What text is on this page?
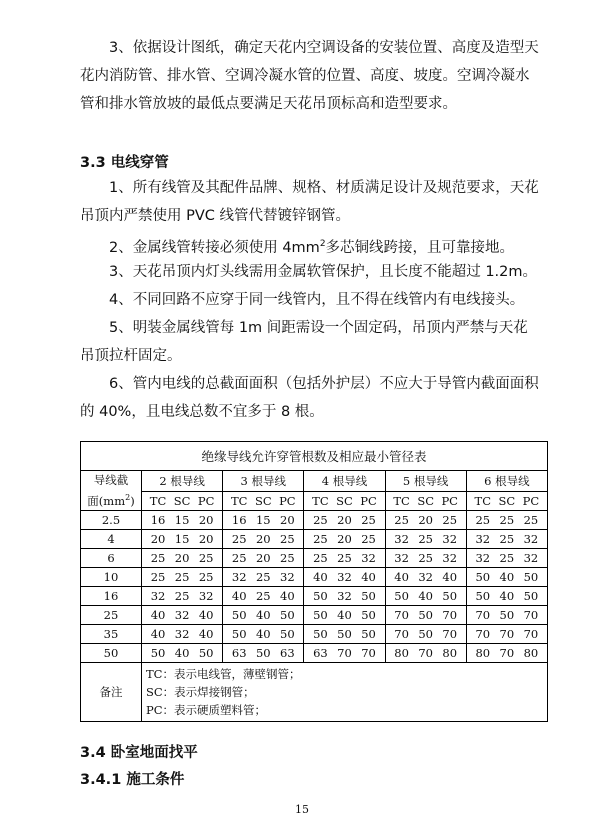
3、依据设计图纸，确定天花内空调设备的安装位置、高度及造型天花内消防管、排水管、空调冷凝水管的位置、高度、坡度。空调冷凝水管和排水管放坡的最低点要满足天花吊顶标高和造型要求。

3.3 电线穿管

1、所有线管及其配件品牌、规格、材质满足设计及规范要求，天花吊顶内严禁使用 PVC 线管代替镀锌钢管。

2、金属线管转接必须使用 $4mm^2$多芯铜线跨接，且可靠接地。

3、天花吊顶内灯头线需用金属软管保护，且长度不能超过 1.2m。

4、不同回路不应穿于同一线管内，且不得在线管内有电线接头。

5、明装金属线管每 1m 间距需设一个固定码，吊顶内严禁与天花吊顶拉杆固定。

6、管内电线的总截面面积（包括外护层）不应大于导管内截面面积的 40%，且电线总数不宜多于 8 根。

绝缘导线允许穿管根数及相应最小管径表					

导线截
面$(mm^2)$	2 根导线	3 根导线	4 根导线	5 根导线	6 根导线

	TC SC PC	TC SC PC	TC SC PC	TC SC PC	TC SC PC

2.5	16 15 20	16 15 20	25 20 25	25 20 25	25 25 25

4	20 15 20	25 20 25	25 20 25	32 25 32	32 25 32

6	25 20 25	25 20 25	25 25 32	32 25 32	32 25 32

10	25 25 25	32 25 32	40 32 40	40 32 40	50 40 50

16	32 25 32	40 25 40	50 32 50	50 40 50	50 40 50

25	40 32 40	50 40 50	50 40 50	70 50 70	70 50 70

35	40 32 40	50 40 50	50 50 50	70 50 70	70 70 70

50	50 40 50	63 50 63	63 70 70	80 70 80	80 70 80

备注	TC：表示电线管，薄壁钢管；
SC：表示焊接钢管；
PC：表示硬质塑料管；				

3.4 卧室地面找平

3.4.1 施工条件

15
